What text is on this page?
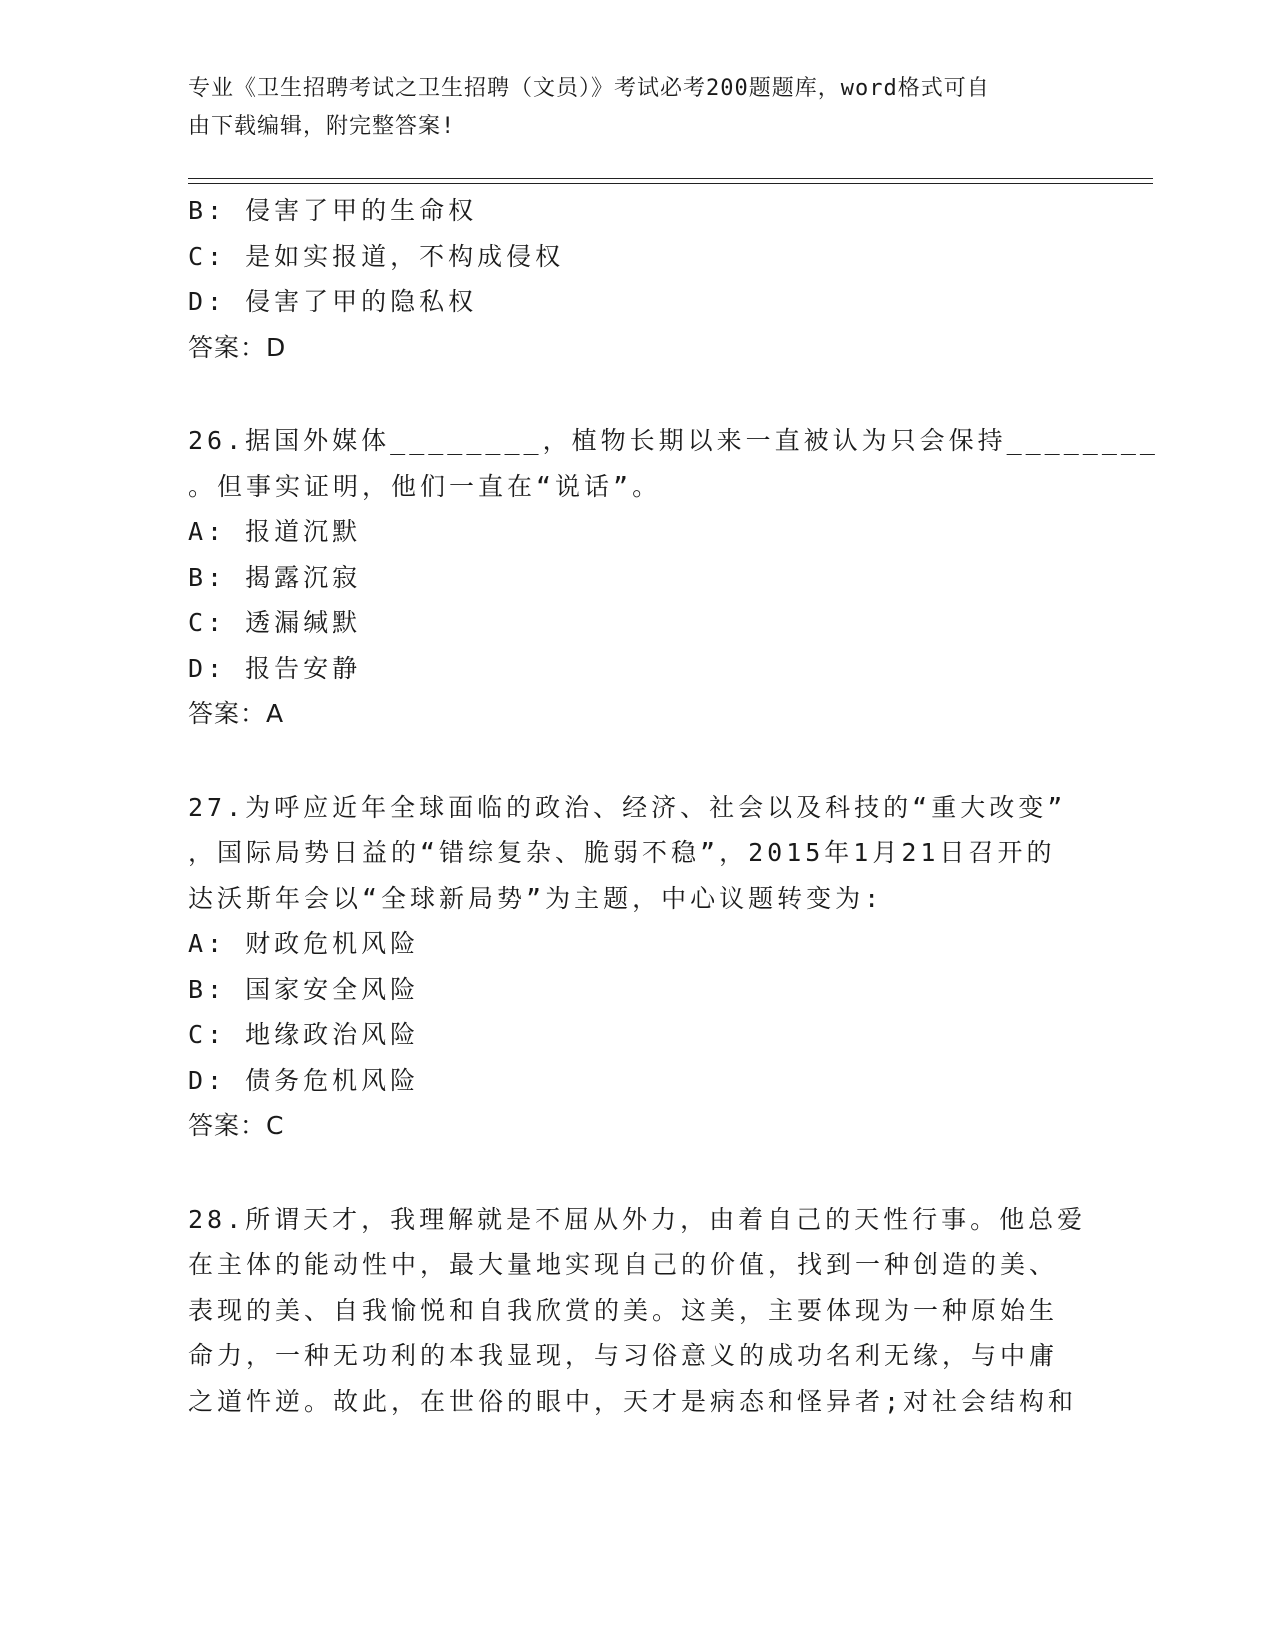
专业《卫生招聘考试之卫生招聘（文员）》考试必考200题题库，word格式可自
由下载编辑，附完整答案!
B: 侵害了甲的生命权
C: 是如实报道，不构成侵权
D: 侵害了甲的隐私权
答案：D
26.据国外媒体________，植物长期以来一直被认为只会保持________
。但事实证明，他们一直在“说话”。
A: 报道沉默
B: 揭露沉寂
C: 透漏缄默
D: 报告安静
答案：A
27.为呼应近年全球面临的政治、经济、社会以及科技的“重大改变”
，国际局势日益的“错综复杂、脆弱不稳”，2015年1月21日召开的
达沃斯年会以“全球新局势”为主题，中心议题转变为:
A: 财政危机风险
B: 国家安全风险
C: 地缘政治风险
D: 债务危机风险
答案：C
28.所谓天才，我理解就是不屈从外力，由着自己的天性行事。他总爱
在主体的能动性中，最大量地实现自己的价值，找到一种创造的美、
表现的美、自我愉悦和自我欣赏的美。这美，主要体现为一种原始生
命力，一种无功利的本我显现，与习俗意义的成功名利无缘，与中庸
之道忤逆。故此，在世俗的眼中，天才是病态和怪异者;对社会结构和
